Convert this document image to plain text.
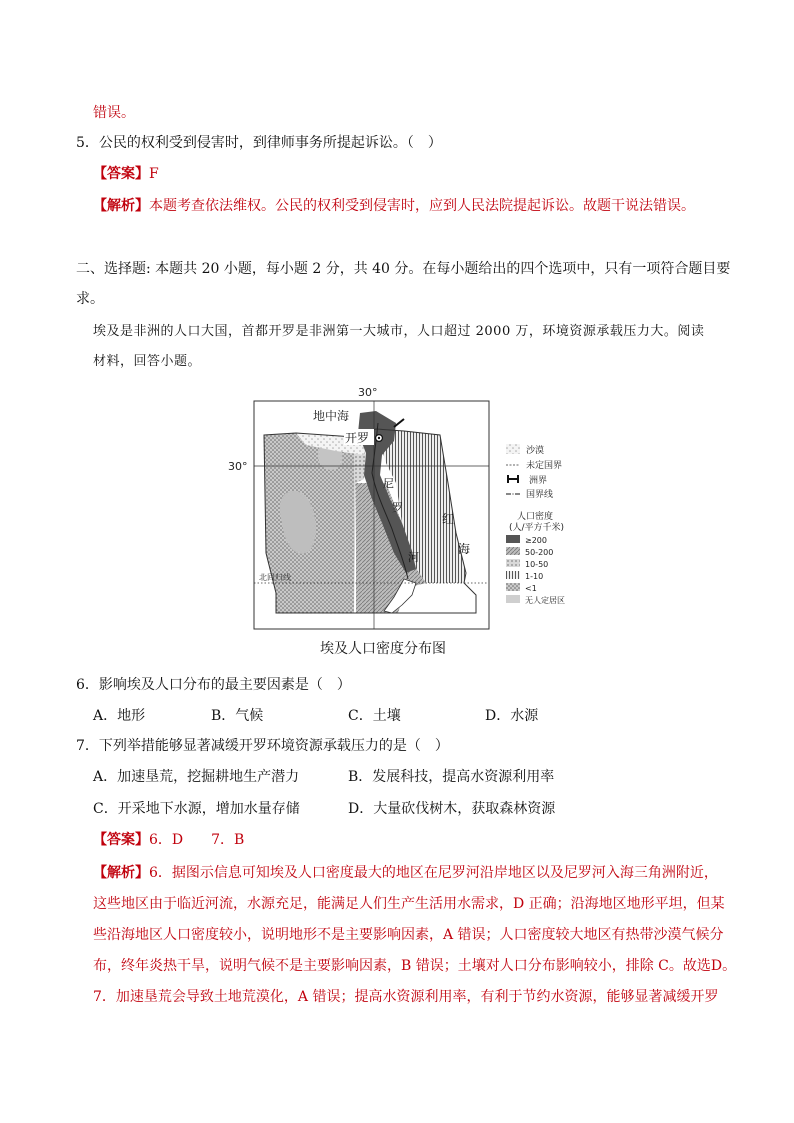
错误。
5．公民的权利受到侵害时，到律师事务所提起诉讼。（　）
【答案】F
【解析】本题考查依法维权。公民的权利受到侵害时，应到人民法院提起诉讼。故题干说法错误。
二、选择题: 本题共 20 小题，每小题 2 分，共 40 分。在每小题给出的四个选项中，只有一项符合题目要
求。
埃及是非洲的人口大国，首都开罗是非洲第一大城市，人口超过 2000 万，环境资源承载压力大。阅读
材料，回答小题。
30°
30°
地中海
开罗
尼
罗
河
红
海
北回归线
沙漠
未定国界
洲界
国界线
人口密度
(人/平方千米)
≥200
50-200
10-50
1-10
<1
无人定居区
埃及人口密度分布图
6．影响埃及人口分布的最主要因素是（　）
A．地形	B．气候	C．土壤	D．水源
7．下列举措能够显著减缓开罗环境资源承载压力的是（　）
A．加速垦荒，挖掘耕地生产潜力	B．发展科技，提高水资源利用率
C．开采地下水源，增加水量存储	D．大量砍伐树木，获取森林资源
【答案】6．D　　7．B
【解析】6．据图示信息可知埃及人口密度最大的地区在尼罗河沿岸地区以及尼罗河入海三角洲附近，
这些地区由于临近河流，水源充足，能满足人们生产生活用水需求，D 正确；沿海地区地形平坦，但某
些沿海地区人口密度较小，说明地形不是主要影响因素，A 错误；人口密度较大地区有热带沙漠气候分
布，终年炎热干旱，说明气候不是主要影响因素，B 错误；土壤对人口分布影响较小，排除 C。故选D。
7．加速垦荒会导致土地荒漠化，A 错误；提高水资源利用率，有利于节约水资源，能够显著减缓开罗
